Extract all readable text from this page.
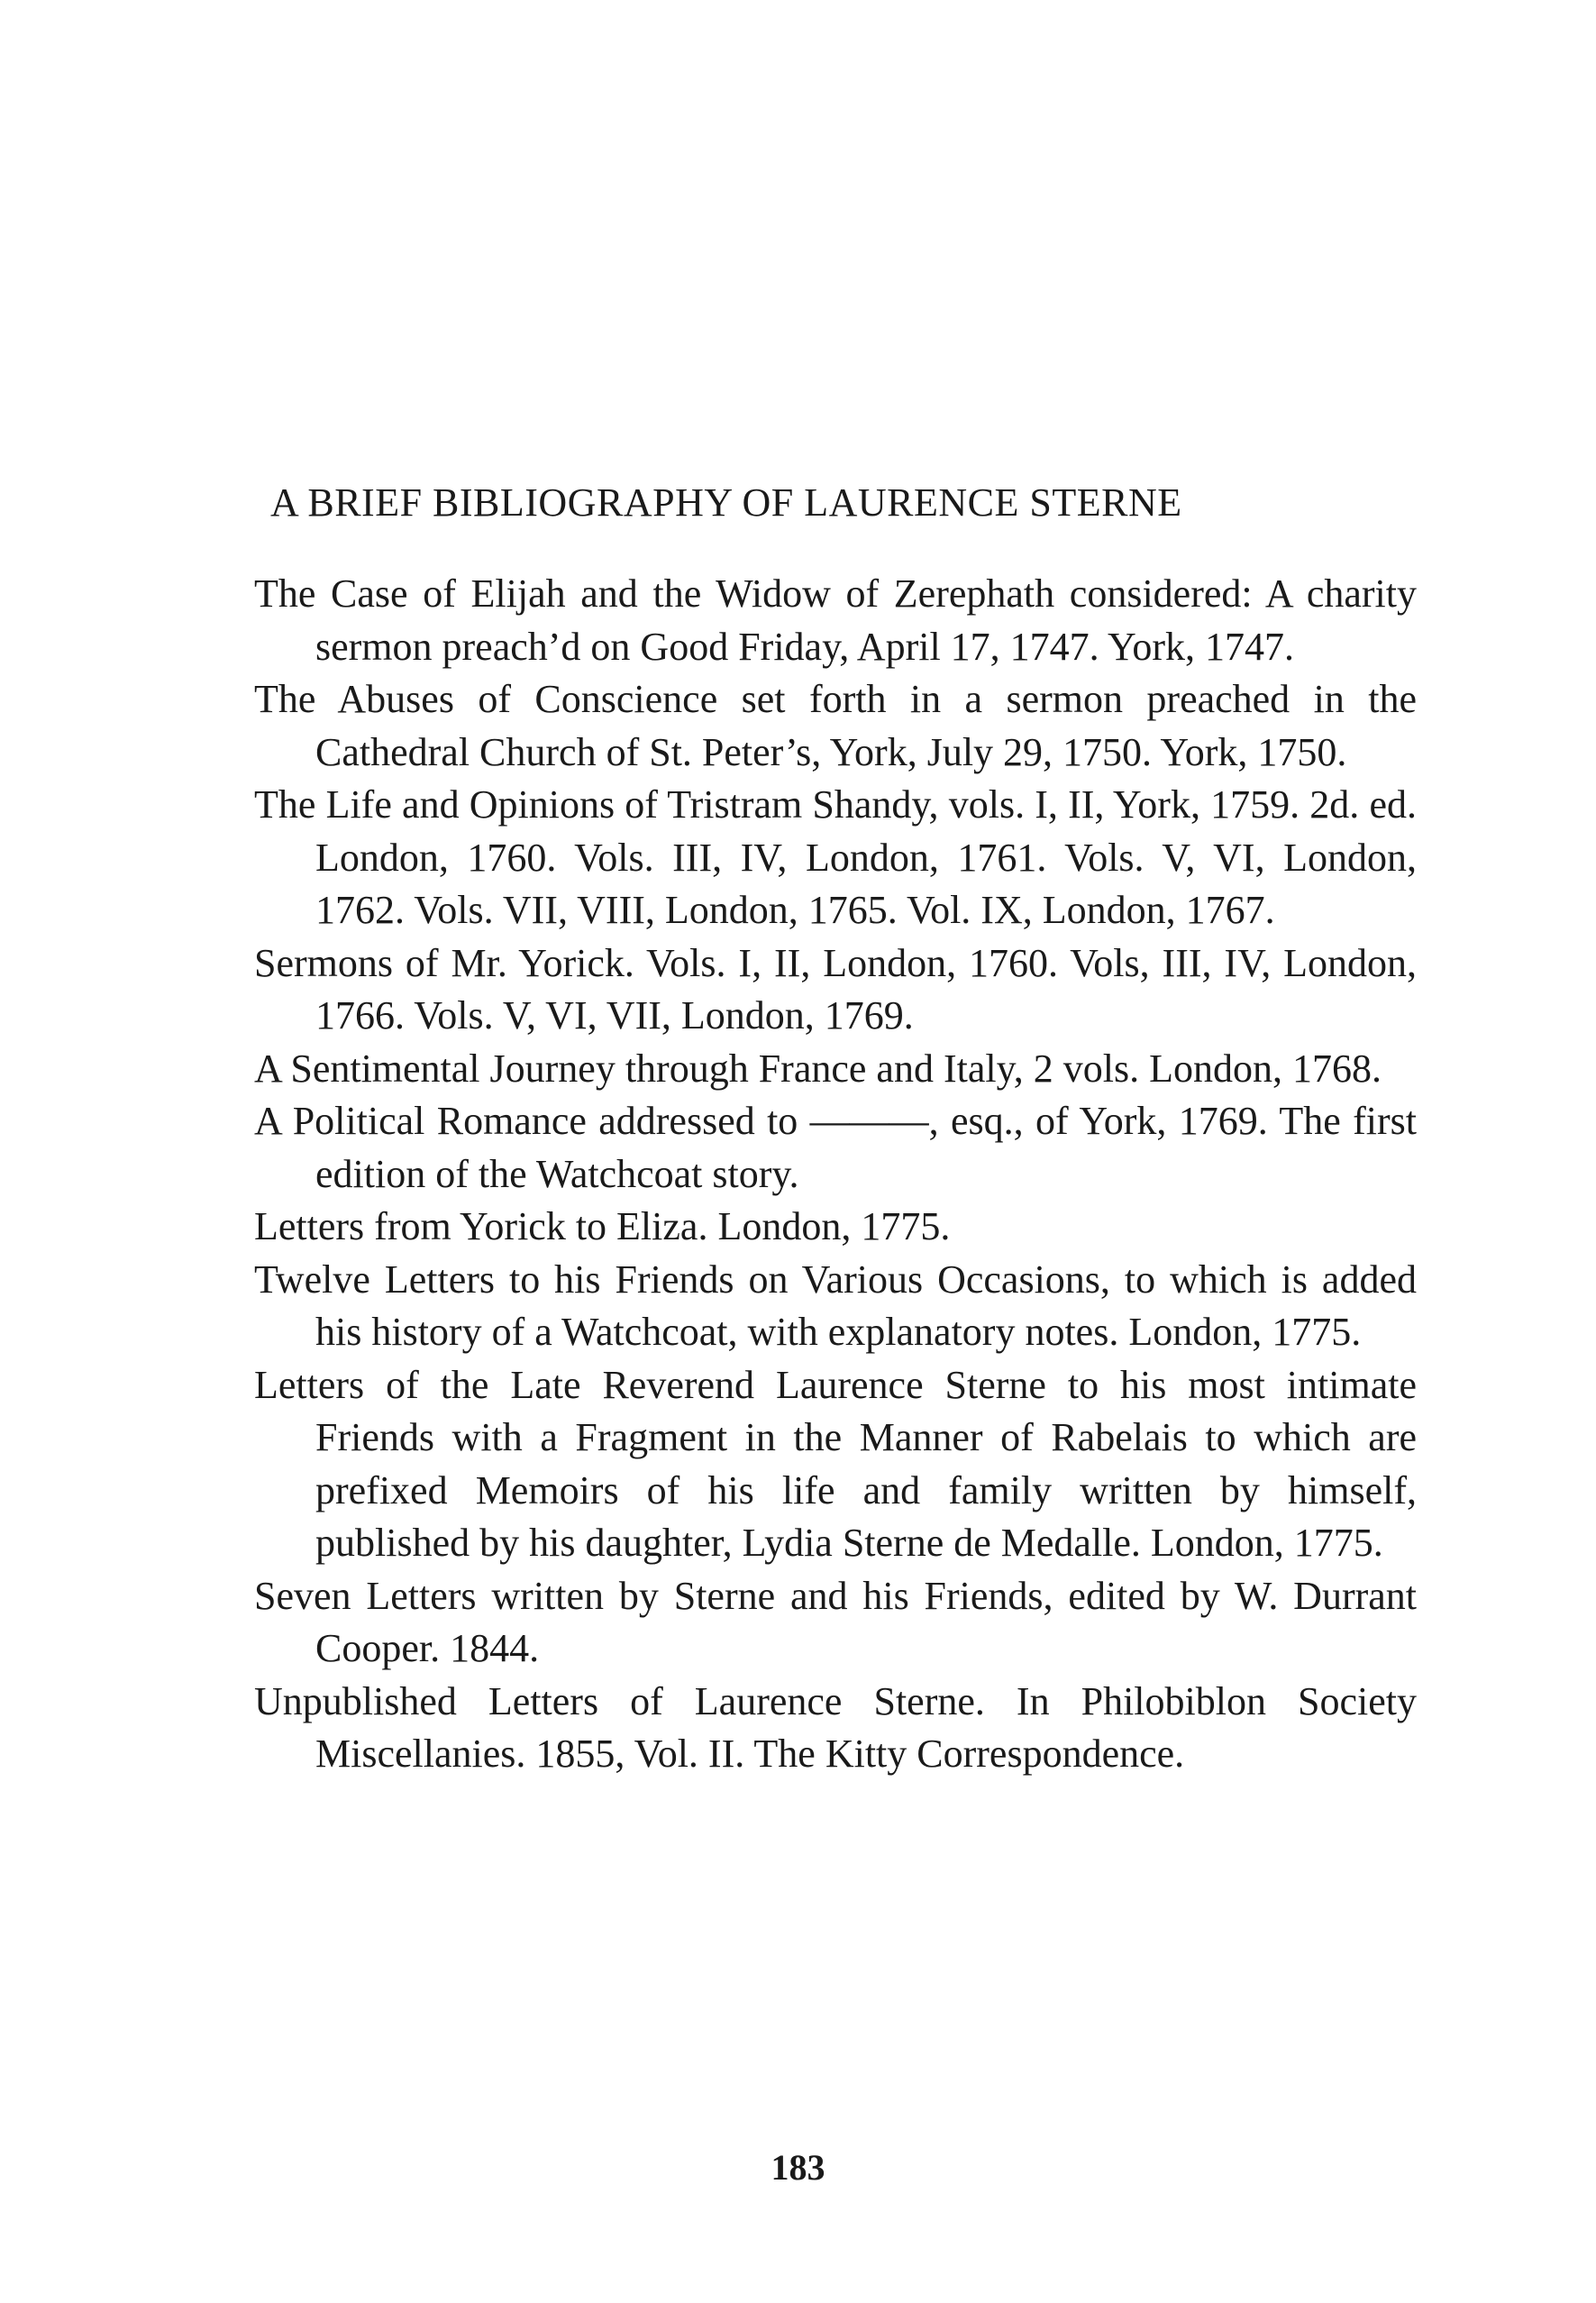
A BRIEF BIBLIOGRAPHY OF LAURENCE STERNE

The Case of Elijah and the Widow of Zerephath considered: A charity sermon preach’d on Good Friday, April 17, 1747. York, 1747.

The Abuses of Conscience set forth in a sermon preached in the Cathedral Church of St. Peter’s, York, July 29, 1750. York, 1750.

The Life and Opinions of Tristram Shandy, vols. I, II, York, 1759. 2d. ed. London, 1760. Vols. III, IV, London, 1761. Vols. V, VI, London, 1762. Vols. VII, VIII, London, 1765. Vol. IX, London, 1767.

Sermons of Mr. Yorick. Vols. I, II, London, 1760. Vols, III, IV, London, 1766. Vols. V, VI, VII, London, 1769.

A Sentimental Journey through France and Italy, 2 vols. London, 1768.

A Political Romance addressed to ———, esq., of York, 1769. The first edition of the Watchcoat story.

Letters from Yorick to Eliza. London, 1775.

Twelve Letters to his Friends on Various Occasions, to which is added his history of a Watchcoat, with explanatory notes. London, 1775.

Letters of the Late Reverend Laurence Sterne to his most intimate Friends with a Fragment in the Manner of Rabelais to which are prefixed Memoirs of his life and family written by himself, published by his daughter, Lydia Sterne de Medalle. London, 1775.

Seven Letters written by Sterne and his Friends, edited by W. Durrant Cooper. 1844.

Unpublished Letters of Laurence Sterne. In Philobiblon Society Miscellanies. 1855, Vol. II. The Kitty Correspondence.

183
